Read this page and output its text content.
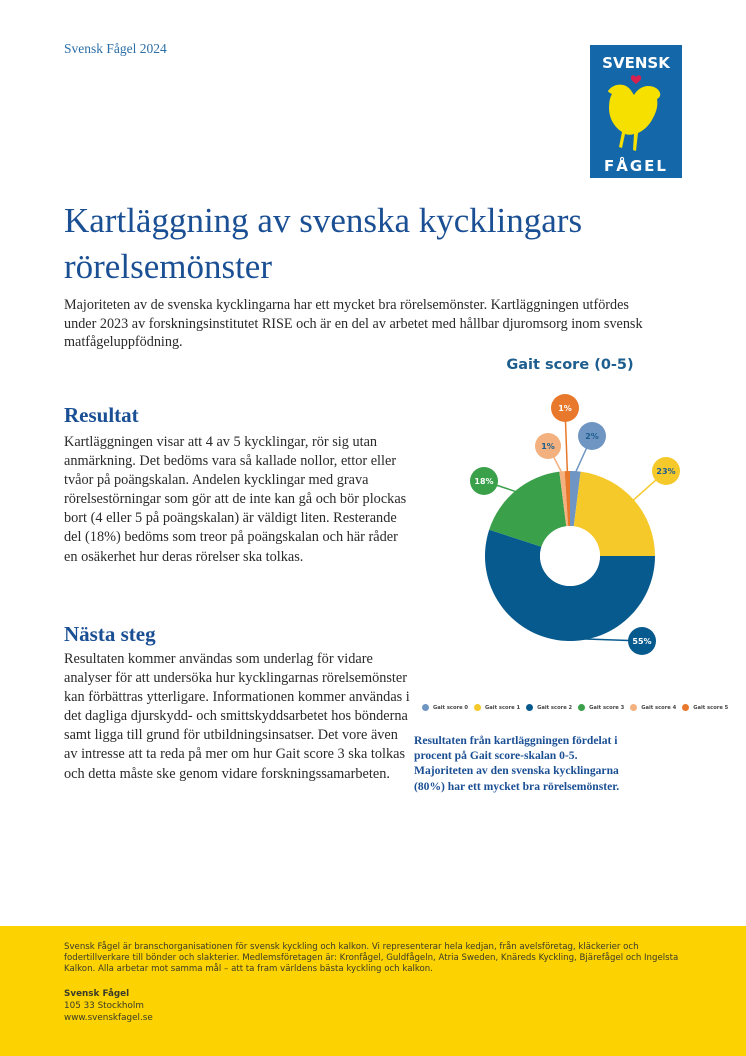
Svensk Fågel 2024
SVENSK
FÅGEL
Kartläggning av svenska kycklingars rörelsemönster

Majoriteten av de svenska kycklingarna har ett mycket bra rörelsemönster. Kartläggningen utfördes under 2023 av forskningsinstitutet RISE och är en del av arbetet med hållbar djuromsorg inom svensk matfågeluppfödning.

Resultat

Kartläggningen visar att 4 av 5 kycklingar, rör sig utan anmärkning. Det bedöms vara så kallade nollor, ettor eller tvåor på poängskalan. Andelen kycklingar med grava rörelsestörningar som gör att de inte kan gå och bör plockas bort (4 eller 5 på poängskalan) är väldigt liten. Resterande del (18%) bedöms som treor på poängskalan och här råder en osäkerhet hur deras rörelser ska tolkas.

Nästa steg

Resultaten kommer användas som underlag för vidare analyser för att undersöka hur kycklingarnas rörelsemönster kan förbättras ytterligare. Informationen kommer användas i det dagliga djurskydd- och smittskyddsarbetet hos bönderna samt ligga till grund för utbildningsinsatser. Det vore även av intresse att ta reda på mer om hur Gait score 3 ska tolkas och detta måste ske genom vidare forskningssamarbeten.

Gait score (0-5)
2%
23%
55%
18%
1%
1%
Gait score 0	Gait score 1	Gait score 2	Gait score 3	Gait score 4	Gait score 5

Resultaten från kartläggningen fördelat i procent på Gait score-skalan 0-5. Majoriteten av den svenska kycklingarna (80%) har ett mycket bra rörelsemönster.

Svensk Fågel är branschorganisationen för svensk kyckling och kalkon. Vi representerar hela kedjan, från avelsföretag, kläckerier och fodertillverkare till bönder och slakterier. Medlemsföretagen är: Kronfågel, Guldfågeln, Atria Sweden, Knäreds Kyckling, Bjärefågel och Ingelsta Kalkon. Alla arbetar mot samma mål – att ta fram världens bästa kyckling och kalkon.

Svensk Fågel
105 33 Stockholm
www.svenskfagel.se
